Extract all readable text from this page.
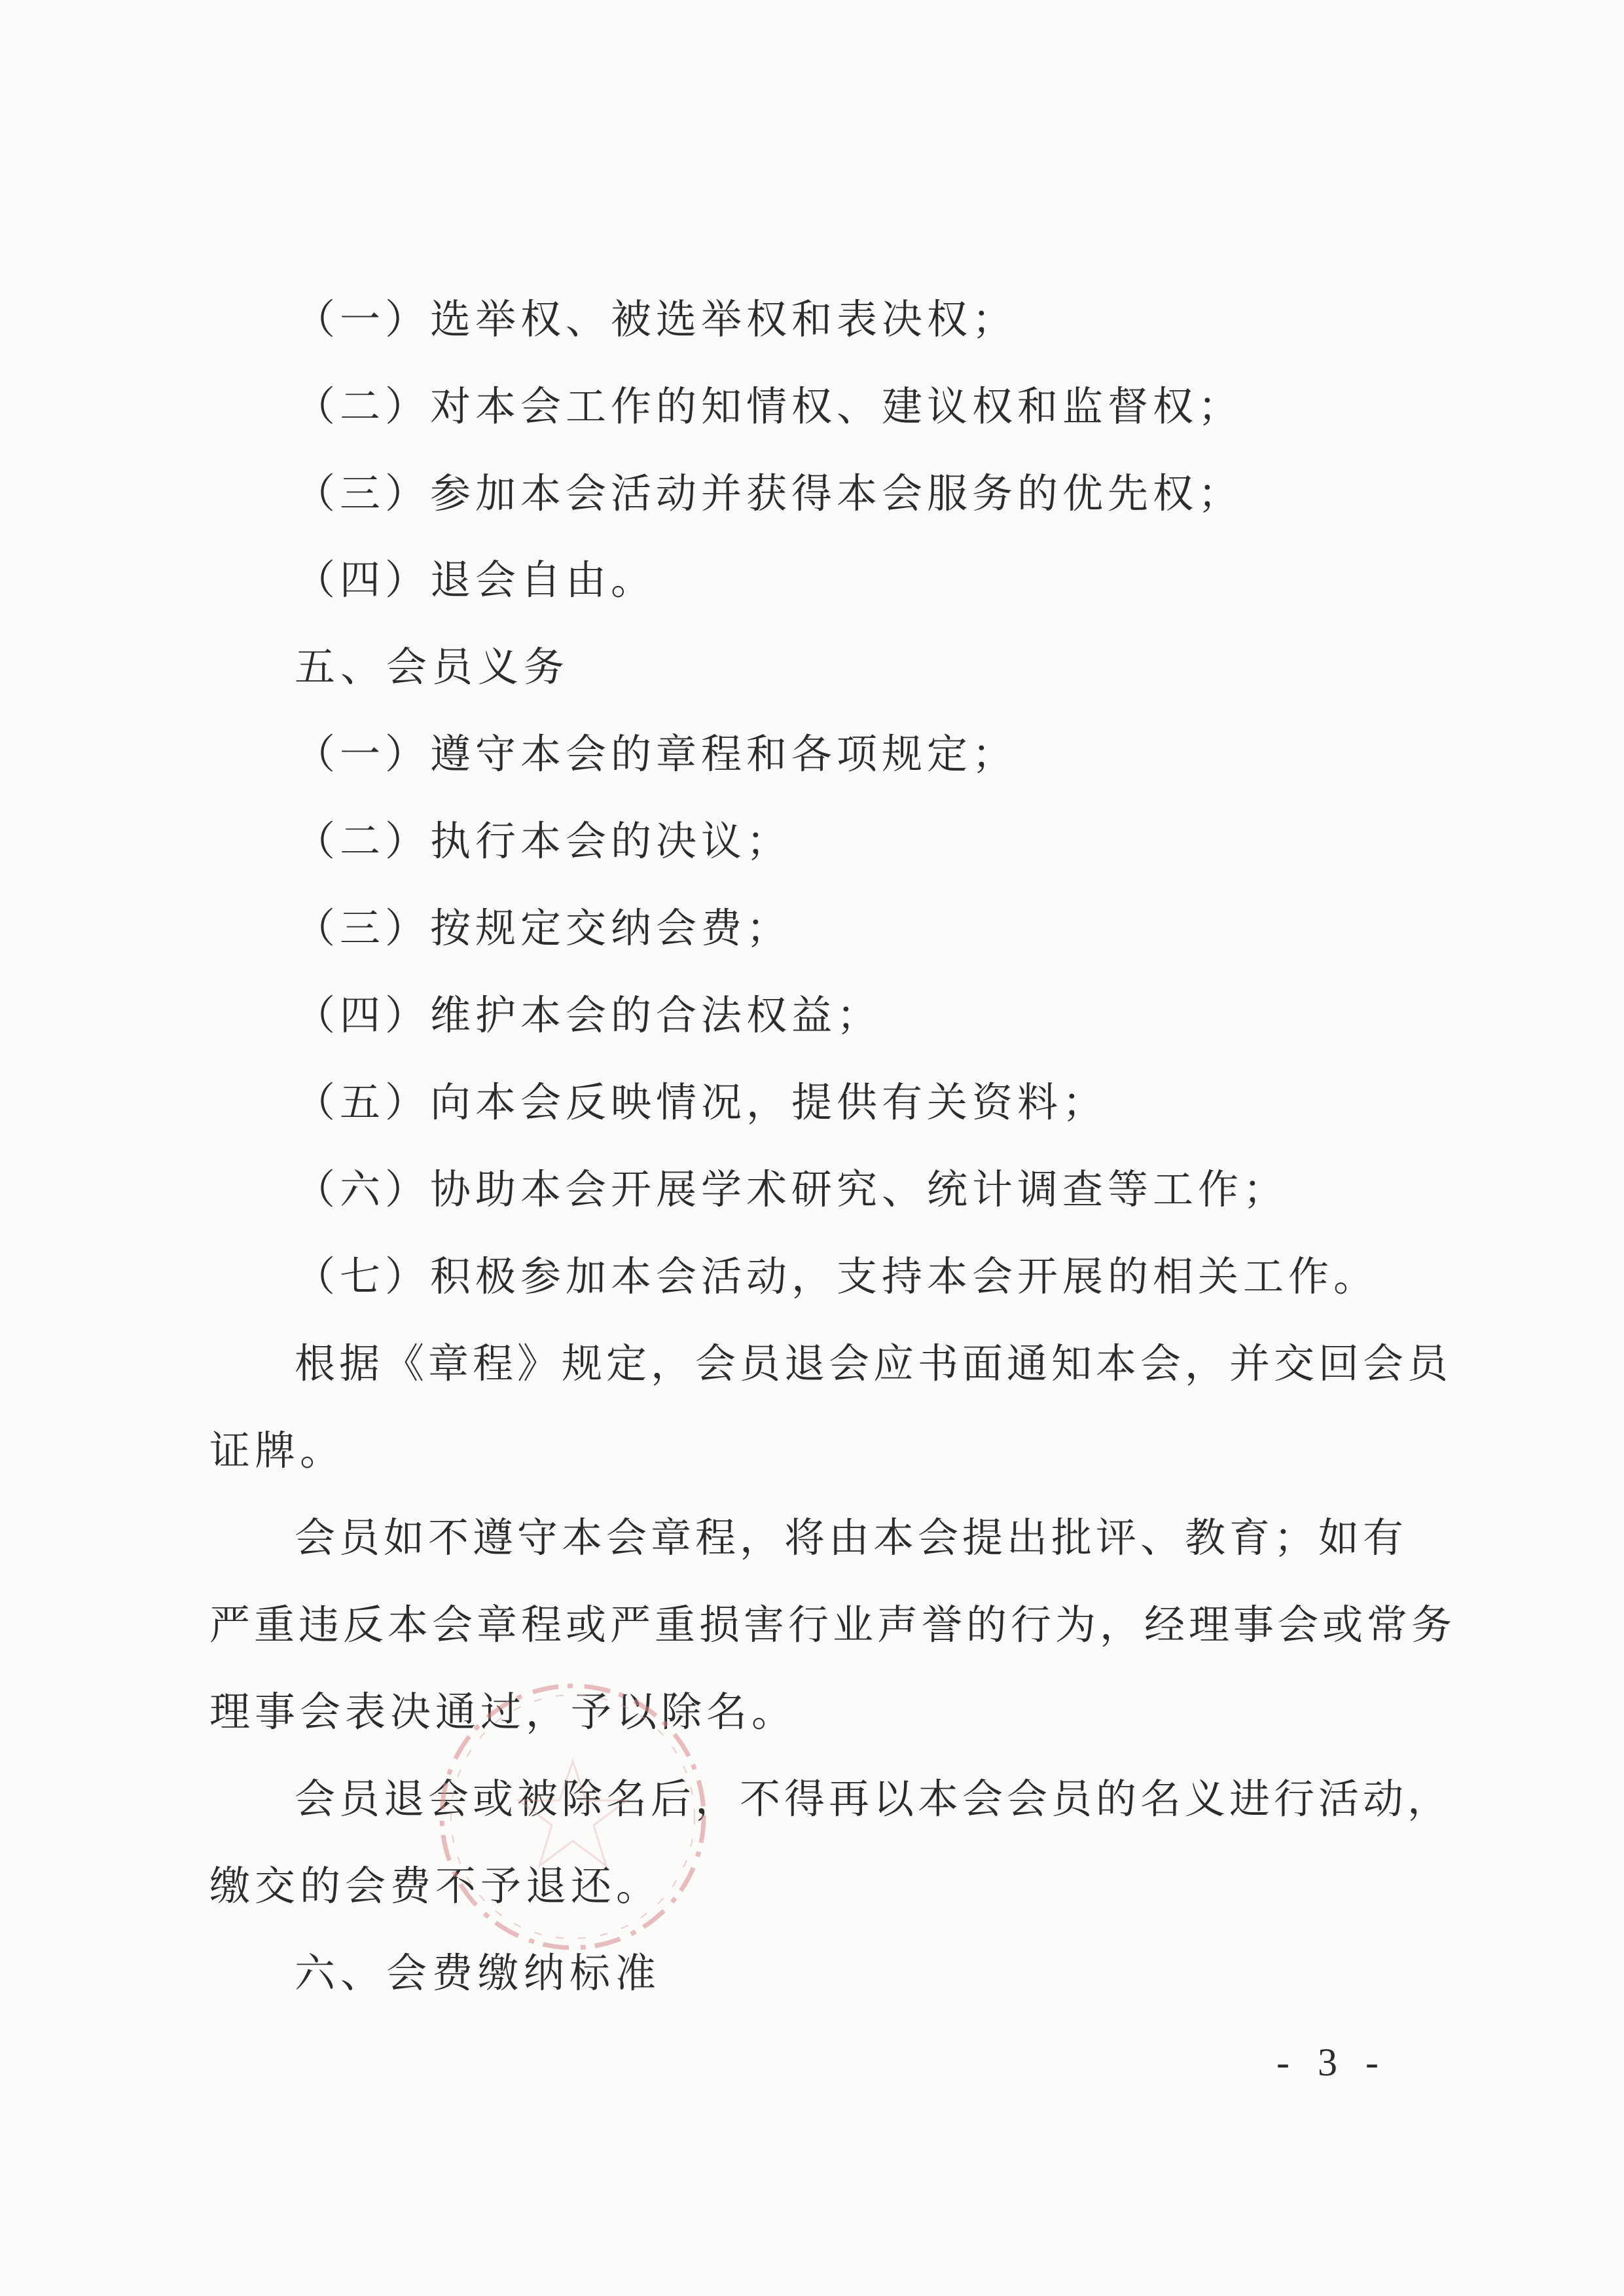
（一）选举权、被选举权和表决权；
（二）对本会工作的知情权、建议权和监督权；
（三）参加本会活动并获得本会服务的优先权；
（四）退会自由。
五、会员义务
（一）遵守本会的章程和各项规定；
（二）执行本会的决议；
（三）按规定交纳会费；
（四）维护本会的合法权益；
（五）向本会反映情况，提供有关资料；
（六）协助本会开展学术研究、统计调查等工作；
（七）积极参加本会活动，支持本会开展的相关工作。
根据《章程》规定，会员退会应书面通知本会，并交回会员
证牌。
会员如不遵守本会章程，将由本会提出批评、教育；如有
严重违反本会章程或严重损害行业声誉的行为，经理事会或常务
理事会表决通过，予以除名。
会员退会或被除名后，不得再以本会会员的名义进行活动，
缴交的会费不予退还。
六、会费缴纳标准
- 3 -
